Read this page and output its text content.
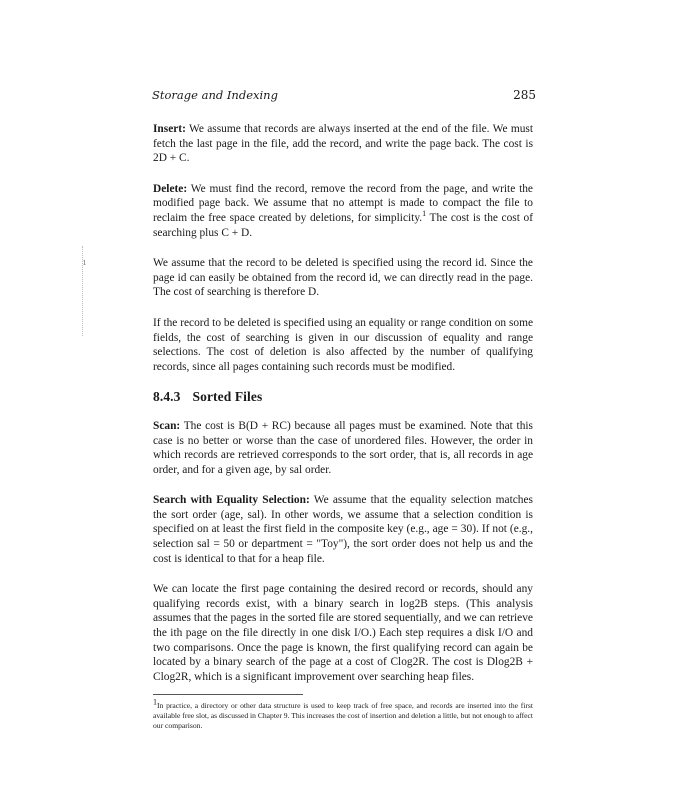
Storage and Indexing	285
ı

Insert: We assume that records are always inserted at the end of the file. We must fetch the last page in the file, add the record, and write the page back. The cost is 2D + C.

Delete: We must find the record, remove the record from the page, and write the modified page back. We assume that no attempt is made to compact the file to reclaim the free space created by deletions, for simplicity.$^1$ The cost is the cost of searching plus C + D.

We assume that the record to be deleted is specified using the record id. Since the page id can easily be obtained from the record id, we can directly read in the page. The cost of searching is therefore D.

If the record to be deleted is specified using an equality or range condition on some fields, the cost of searching is given in our discussion of equality and range selections. The cost of deletion is also affected by the number of qualifying records, since all pages containing such records must be modified.

8.4.3 Sorted Files

Scan: The cost is B(D + RC) because all pages must be examined. Note that this case is no better or worse than the case of unordered files. However, the order in which records are retrieved corresponds to the sort order, that is, all records in age order, and for a given age, by sal order.

Search with Equality Selection: We assume that the equality selection matches the sort order (age, sal). In other words, we assume that a selection condition is specified on at least the first field in the composite key (e.g., age = 30). If not (e.g., selection sal = 50 or department = "Toy"), the sort order does not help us and the cost is identical to that for a heap file.

We can locate the first page containing the desired record or records, should any qualifying records exist, with a binary search in log2B steps. (This analysis assumes that the pages in the sorted file are stored sequentially, and we can retrieve the ith page on the file directly in one disk I/O.) Each step requires a disk I/O and two comparisons. Once the page is known, the first qualifying record can again be located by a binary search of the page at a cost of Clog2R. The cost is Dlog2B + Clog2R, which is a significant improvement over searching heap files.

$^1$In practice, a directory or other data structure is used to keep track of free space, and records are inserted into the first available free slot, as discussed in Chapter 9. This increases the cost of insertion and deletion a little, but not enough to affect our comparison.
